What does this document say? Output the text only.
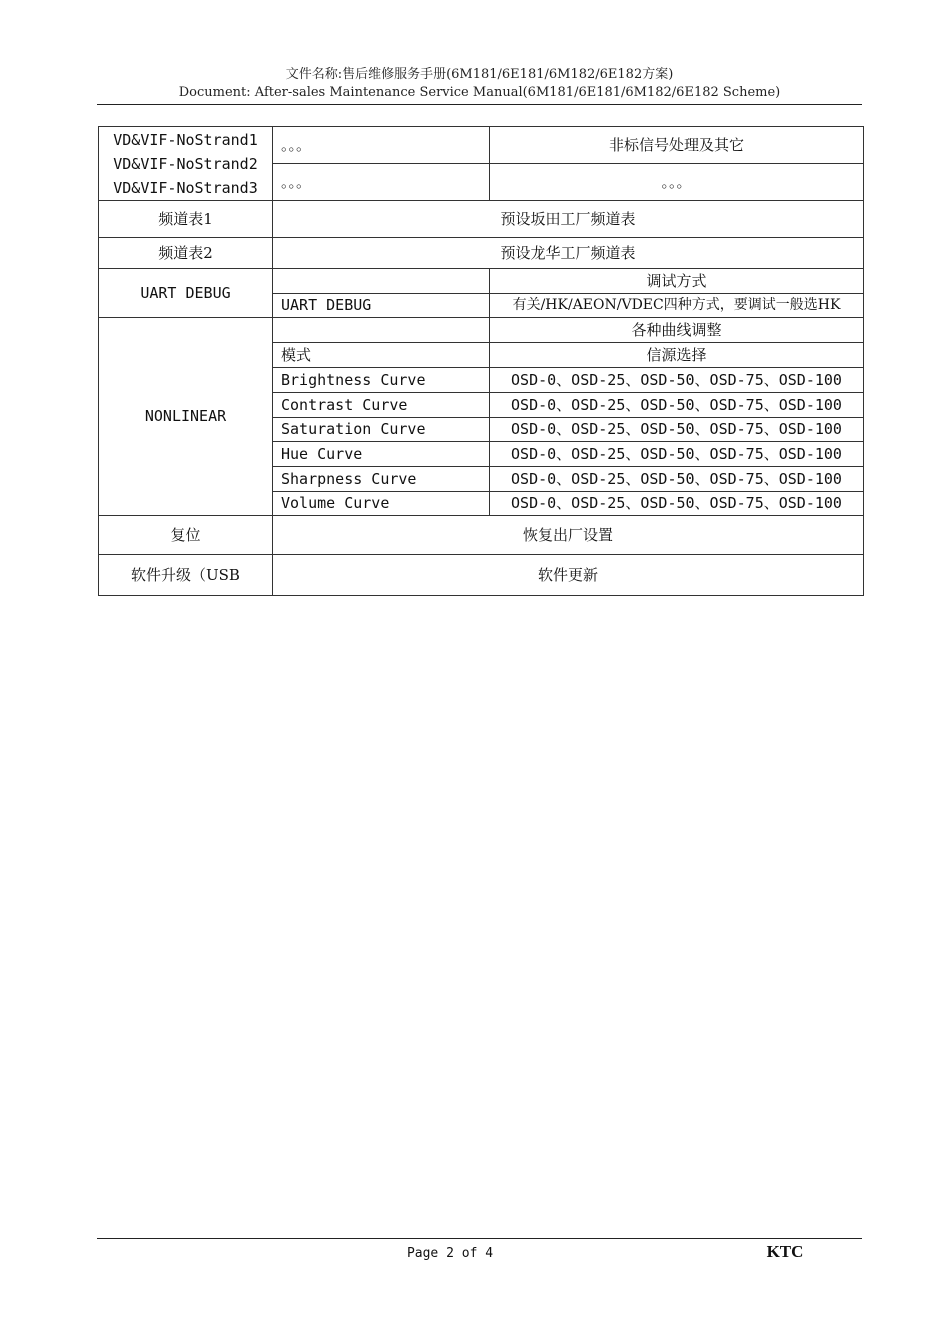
文件名称:售后维修服务手册(6M181/6E181/6M182/6E182方案)
Document: After-sales Maintenance Service Manual(6M181/6E181/6M182/6E182 Scheme)
VD&VIF-NoStrand1
VD&VIF-NoStrand2
VD&VIF-NoStrand3	。。。	非标信号处理及其它
	。。。	。。。
频道表1	预设坂田工厂频道表	
频道表2	预设龙华工厂频道表	
UART DEBUG		调试方式
	UART DEBUG	有关/HK/AEON/VDEC四种方式，要调试一般选HK
NONLINEAR		各种曲线调整
	模式	信源选择
	Brightness Curve	OSD-0、OSD-25、OSD-50、OSD-75、OSD-100
	Contrast Curve	OSD-0、OSD-25、OSD-50、OSD-75、OSD-100
	Saturation Curve	OSD-0、OSD-25、OSD-50、OSD-75、OSD-100
	Hue Curve	OSD-0、OSD-25、OSD-50、OSD-75、OSD-100
	Sharpness Curve	OSD-0、OSD-25、OSD-50、OSD-75、OSD-100
	Volume Curve	OSD-0、OSD-25、OSD-50、OSD-75、OSD-100
复位	恢复出厂设置	
软件升级（USB	软件更新	
Page 2 of 4	KTC
